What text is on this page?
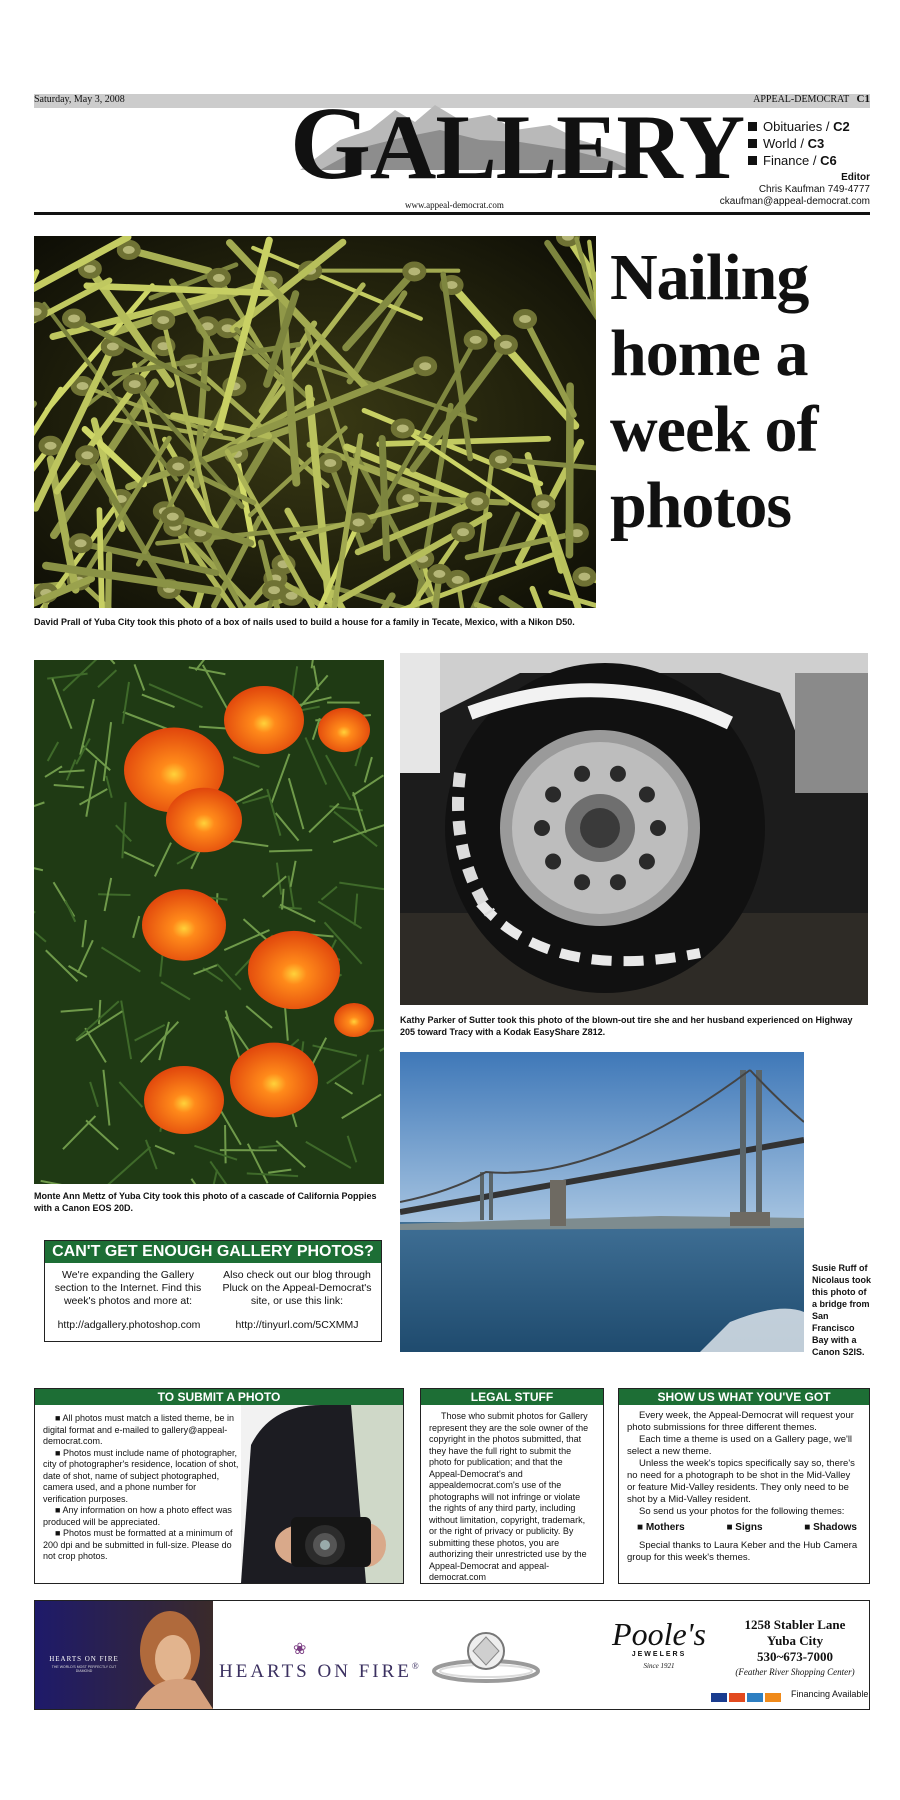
Saturday, May 3, 2008	APPEAL-DEMOCRAT C1
GALLERY
www.appeal-democrat.com
Obituaries / C2
World / C3
Finance / C6
Editor
Chris Kaufman 749-4777
ckaufman@appeal-democrat.com
Nailing
home a
week of
photos
David Prall of Yuba City took this photo of a box of nails used to build a house for a family in Tecate, Mexico, with a Nikon D50.
Monte Ann Mettz of Yuba City took this photo of a cascade of California Poppies with a Canon EOS 20D.
Kathy Parker of Sutter took this photo of the blown-out tire she and her husband experienced on Highway 205 toward Tracy with a Kodak EasyShare Z812.
Susie Ruff of Nicolaus took this photo of a bridge from San Francisco Bay with a Canon S2IS.
CAN'T GET ENOUGH GALLERY PHOTOS?
We're expanding the Gallery section to the Internet. Find this week's photos and more at:
http://adgallery.photoshop.com
Also check out our blog through Pluck on the Appeal-Democrat's site, or use this link:
http://tinyurl.com/5CXMMJ
TO SUBMIT A PHOTO

■ All photos must match a listed theme, be in digital format and e-mailed to gallery@appeal-democrat.com.

■ Photos must include name of photographer, city of photographer's residence, location of shot, date of shot, name of subject photographed, camera used, and a phone number for verification purposes.

■ Any information on how a photo effect was produced will be appreciated.

■ Photos must be formatted at a minimum of 200 dpi and be submitted in full-size. Please do not crop photos.

LEGAL STUFF

Those who submit photos for Gallery represent they are the sole owner of the copyright in the photos submitted, that they have the full right to submit the photo for publication; and that the Appeal-Democrat's and appealdemocrat.com's use of the photographs will not infringe or violate the rights of any third party, including without limitation, copyright, trademark, or the right of privacy or publicity. By submitting these photos, you are authorizing their unrestricted use by the Appeal-Democrat and appeal-democrat.com

SHOW US WHAT YOU'VE GOT

Every week, the Appeal-Democrat will request your photo submissions for three different themes.

Each time a theme is used on a Gallery page, we'll select a new theme.

Unless the week's topics specifically say so, there's no need for a photograph to be shot in the Mid-Valley or feature Mid-Valley residents. They only need to be shot by a Mid-Valley resident.

So send us your photos for the following themes:

■ Mothers	■ Signs	■ Shadows

Special thanks to Laura Keber and the Hub Camera group for this week's themes.

HEARTS ON FIRE
THE WORLD'S MOST PERFECTLY CUT DIAMOND
❀
HEARTS ON FIRE®
Poole's
JEWELERS
Since 1921
1258 Stabler Lane
Yuba City
530~673-7000
(Feather River Shopping Center)
Financing Available
